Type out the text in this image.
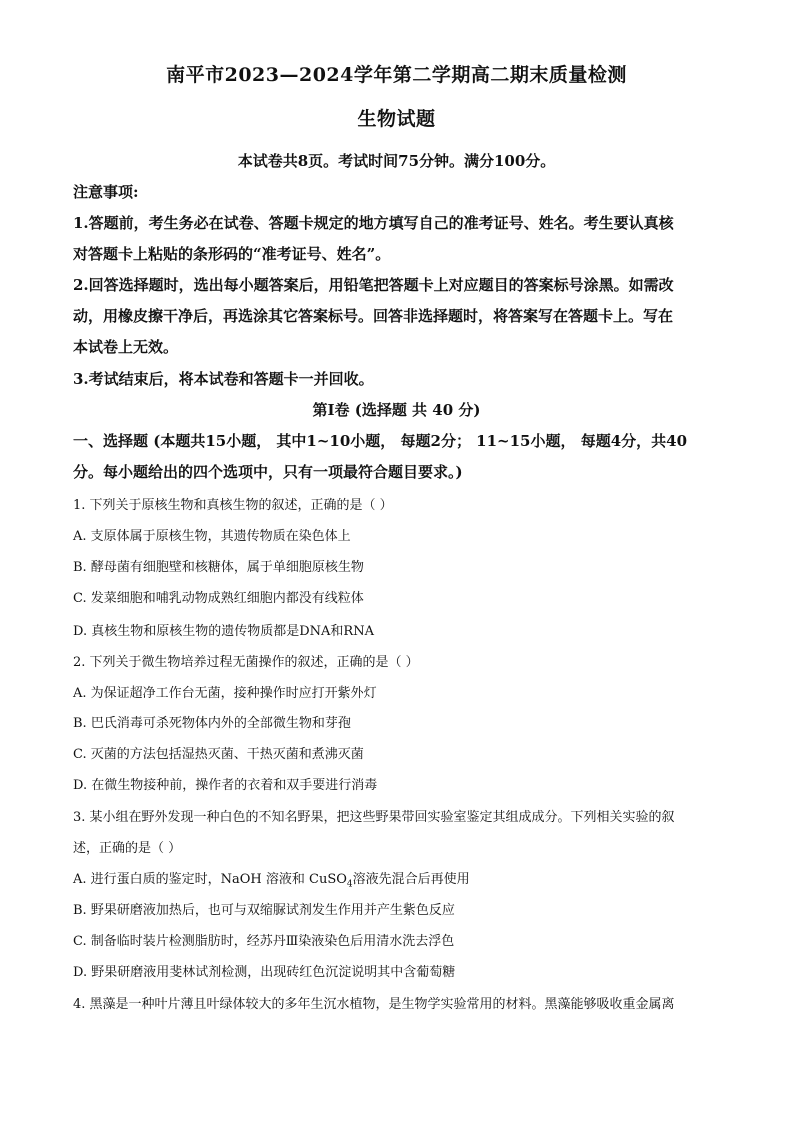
南平市2023—2024学年第二学期高二期末质量检测
生物试题
本试卷共8页。考试时间75分钟。满分100分。
注意事项:
1.答题前，考生务必在试卷、答题卡规定的地方填写自己的准考证号、姓名。考生要认真核
对答题卡上粘贴的条形码的“准考证号、姓名”。
2.回答选择题时，选出每小题答案后，用铅笔把答题卡上对应题目的答案标号涂黑。如需改
动，用橡皮擦干净后，再选涂其它答案标号。回答非选择题时，将答案写在答题卡上。写在
本试卷上无效。
3.考试结束后，将本试卷和答题卡一并回收。
第Ⅰ卷 (选择题 共 40 分)
一、选择题 (本题共15小题， 其中1~10小题， 每题2分； 11~15小题， 每题4分，共40
分。每小题给出的四个选项中，只有一项最符合题目要求。)
1. 下列关于原核生物和真核生物的叙述，正确的是（ ）
A. 支原体属于原核生物，其遗传物质在染色体上
B. 酵母菌有细胞壁和核糖体，属于单细胞原核生物
C. 发菜细胞和哺乳动物成熟红细胞内都没有线粒体
D. 真核生物和原核生物的遗传物质都是DNA和RNA
2. 下列关于微生物培养过程无菌操作的叙述，正确的是（ ）
A. 为保证超净工作台无菌，接种操作时应打开紫外灯
B. 巴氏消毒可杀死物体内外的全部微生物和芽孢
C. 灭菌的方法包括湿热灭菌、干热灭菌和煮沸灭菌
D. 在微生物接种前，操作者的衣着和双手要进行消毒
3. 某小组在野外发现一种白色的不知名野果，把这些野果带回实验室鉴定其组成成分。下列相关实验的叙
述，正确的是（ ）
A. 进行蛋白质的鉴定时，NaOH 溶液和 CuSO$_4$溶液先混合后再使用
B. 野果研磨液加热后，也可与双缩脲试剂发生作用并产生紫色反应
C. 制备临时装片检测脂肪时，经苏丹Ⅲ染液染色后用清水洗去浮色
D. 野果研磨液用斐林试剂检测，出现砖红色沉淀说明其中含葡萄糖
4. 黑藻是一种叶片薄且叶绿体较大的多年生沉水植物，是生物学实验常用的材料。黑藻能够吸收重金属离
